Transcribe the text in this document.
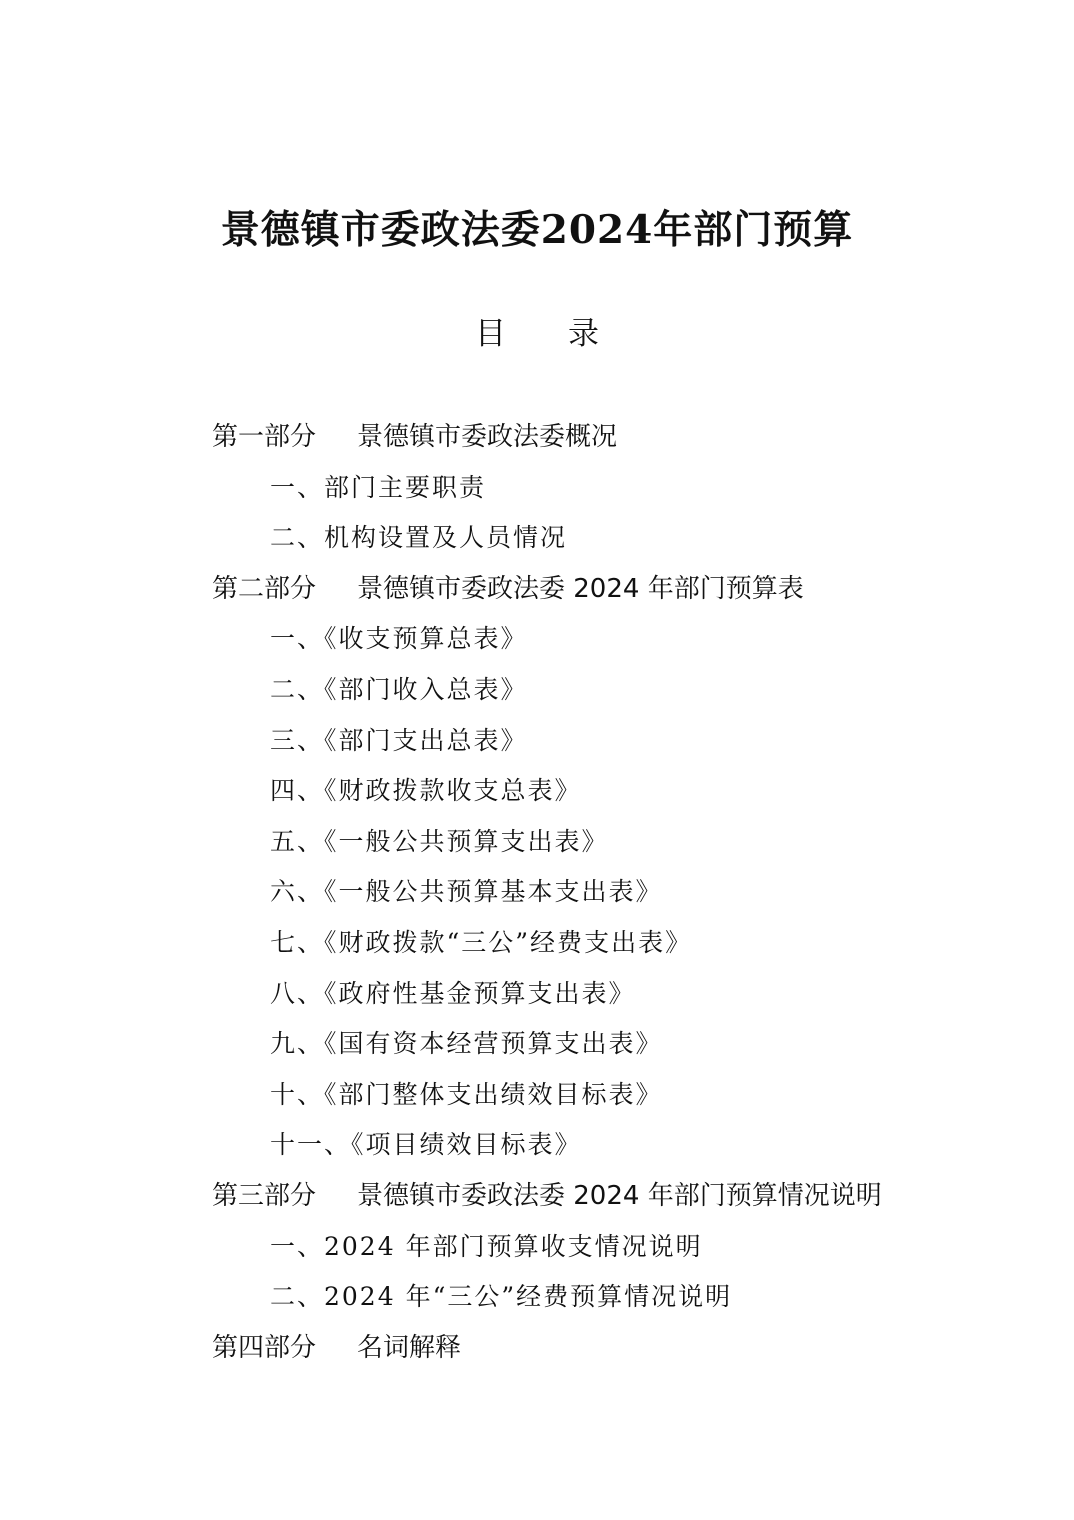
景德镇市委政法委2024年部门预算
目 录
第一部分 景德镇市委政法委概况
一、部门主要职责
二、机构设置及人员情况
第二部分 景德镇市委政法委 2024 年部门预算表
一、《收支预算总表》
二、《部门收入总表》
三、《部门支出总表》
四、《财政拨款收支总表》
五、《一般公共预算支出表》
六、《一般公共预算基本支出表》
七、《财政拨款“三公”经费支出表》
八、《政府性基金预算支出表》
九、《国有资本经营预算支出表》
十、《部门整体支出绩效目标表》
十一、《项目绩效目标表》
第三部分 景德镇市委政法委 2024 年部门预算情况说明
一、2024 年部门预算收支情况说明
二、2024 年“三公”经费预算情况说明
第四部分 名词解释
